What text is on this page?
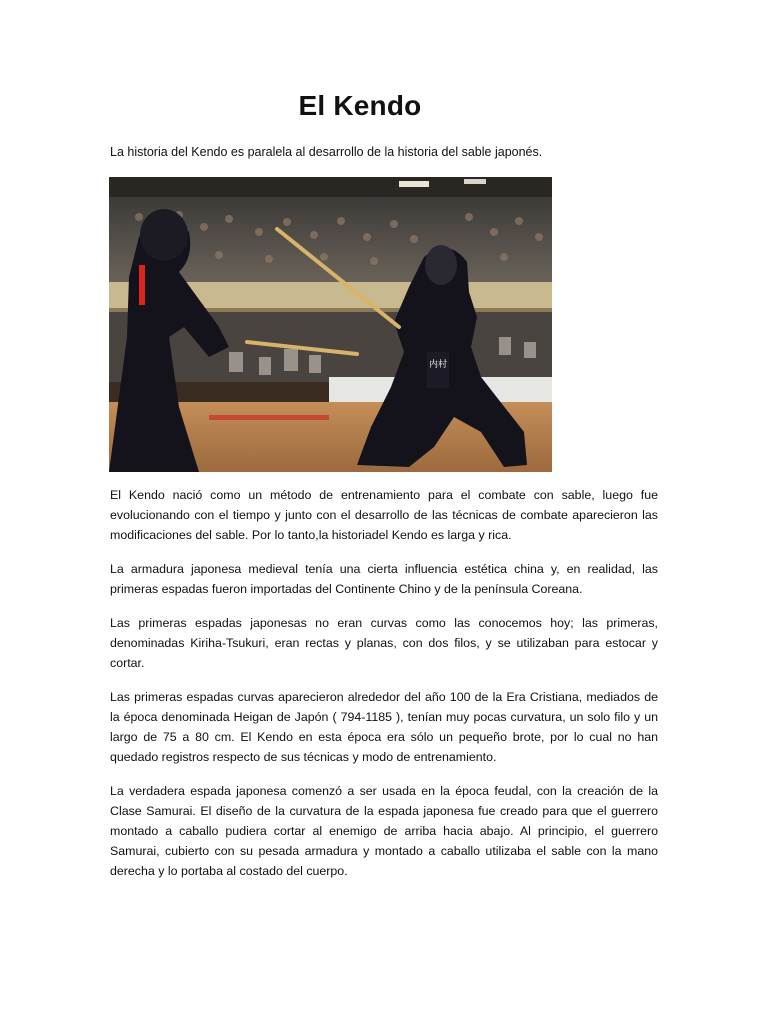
El Kendo

La historia del Kendo es paralela al desarrollo de la historia del sable japonés.

内村

El Kendo nació como un método de entrenamiento para el combate con sable, luego fue evolucionando con el tiempo y junto con el desarrollo de las técnicas de combate aparecieron las modificaciones del sable. Por lo tanto,la historiadel Kendo es larga y rica.

La armadura japonesa medieval tenía una cierta influencia estética china y, en realidad, las primeras espadas fueron importadas del Continente Chino y de la península Coreana.

Las primeras espadas japonesas no eran curvas como las conocemos hoy; las primeras, denominadas Kiriha-Tsukuri, eran rectas y planas, con dos filos, y se utilizaban para estocar y cortar.

Las primeras espadas curvas aparecieron alrededor del año 100 de la Era Cristiana, mediados de la época denominada Heigan de Japón ( 794-1185 ), tenían muy pocas curvatura, un solo filo y un largo de 75 a 80 cm. El Kendo en esta época era sólo un pequeño brote, por lo cual no han quedado registros respecto de sus técnicas y modo de entrenamiento.

La verdadera espada japonesa comenzó a ser usada en la época feudal, con la creación de la Clase Samurai. El diseño de la curvatura de la espada japonesa fue creado para que el guerrero montado a caballo pudiera cortar al enemigo de arriba hacia abajo. Al principio, el guerrero Samurai, cubierto con su pesada armadura y montado a caballo utilizaba el sable con la mano derecha y lo portaba al costado del cuerpo.
